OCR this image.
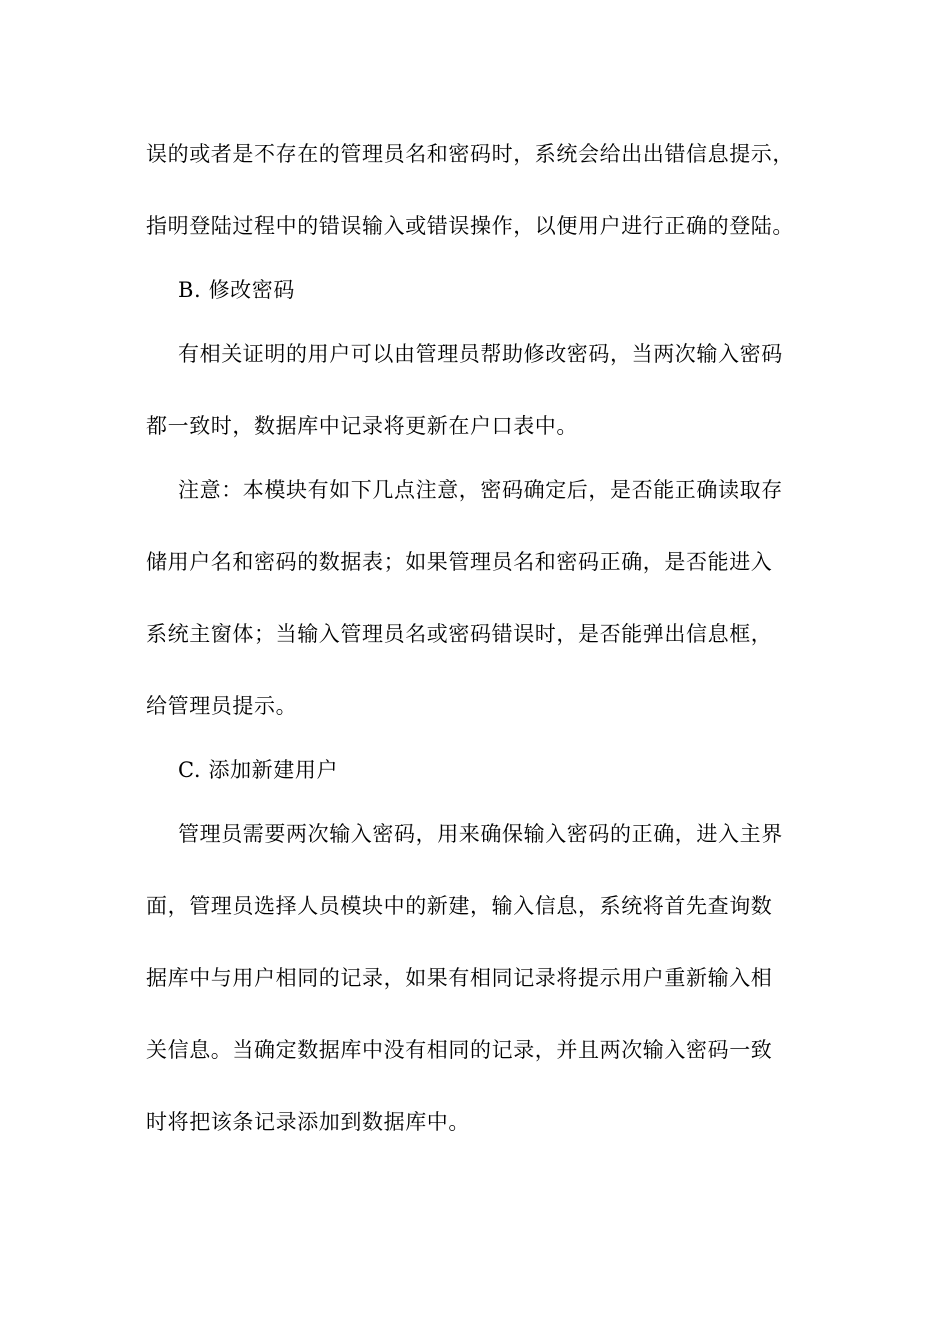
误的或者是不存在的管理员名和密码时，系统会给出出错信息提示，
指明登陆过程中的错误输入或错误操作，以便用户进行正确的登陆。
B. 修改密码
有相关证明的用户可以由管理员帮助修改密码，当两次输入密码
都一致时，数据库中记录将更新在户口表中。
注意：本模块有如下几点注意，密码确定后，是否能正确读取存
储用户名和密码的数据表；如果管理员名和密码正确，是否能进入
系统主窗体；当输入管理员名或密码错误时，是否能弹出信息框，
给管理员提示。
C. 添加新建用户
管理员需要两次输入密码，用来确保输入密码的正确，进入主界
面，管理员选择人员模块中的新建，输入信息，系统将首先查询数
据库中与用户相同的记录，如果有相同记录将提示用户重新输入相
关信息。当确定数据库中没有相同的记录，并且两次输入密码一致
时将把该条记录添加到数据库中。
